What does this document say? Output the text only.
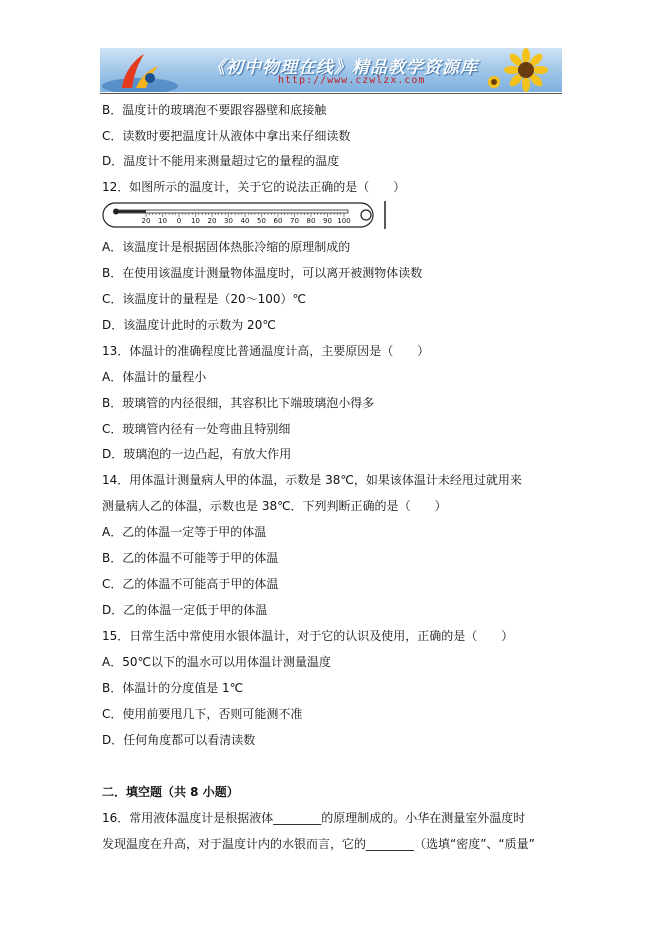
《初中物理在线》精品教学资源库
http://www.czwlzx.com
B．温度计的玻璃泡不要跟容器壁和底接触
C．读数时要把温度计从液体中拿出来仔细读数
D．温度计不能用来测量超过它的量程的温度
12．如图所示的温度计，关于它的说法正确的是（　　）
20 10 0 10 20 30 40 50 60 70 80 90 100
A．该温度计是根据固体热胀冷缩的原理制成的
B．在使用该温度计测量物体温度时，可以离开被测物体读数
C．该温度计的量程是（20～100）℃
D．该温度计此时的示数为 20℃
13．体温计的准确程度比普通温度计高，主要原因是（　　）
A．体温计的量程小
B．玻璃管的内径很细，其容积比下端玻璃泡小得多
C．玻璃管内径有一处弯曲且特别细
D．玻璃泡的一边凸起，有放大作用
14．用体温计测量病人甲的体温，示数是 38℃，如果该体温计未经甩过就用来
测量病人乙的体温，示数也是 38℃．下列判断正确的是（　　）
A．乙的体温一定等于甲的体温
B．乙的体温不可能等于甲的体温
C．乙的体温不可能高于甲的体温
D．乙的体温一定低于甲的体温
15．日常生活中常使用水银体温计，对于它的认识及使用，正确的是（　　）
A．50℃以下的温水可以用体温计测量温度
B．体温计的分度值是 1℃
C．使用前要甩几下，否则可能测不准
D．任何角度都可以看清读数
二．填空题（共 8 小题）
16．常用液体温度计是根据液体________的原理制成的。小华在测量室外温度时
发现温度在升高，对于温度计内的水银而言，它的________（选填“密度”、“质量”
